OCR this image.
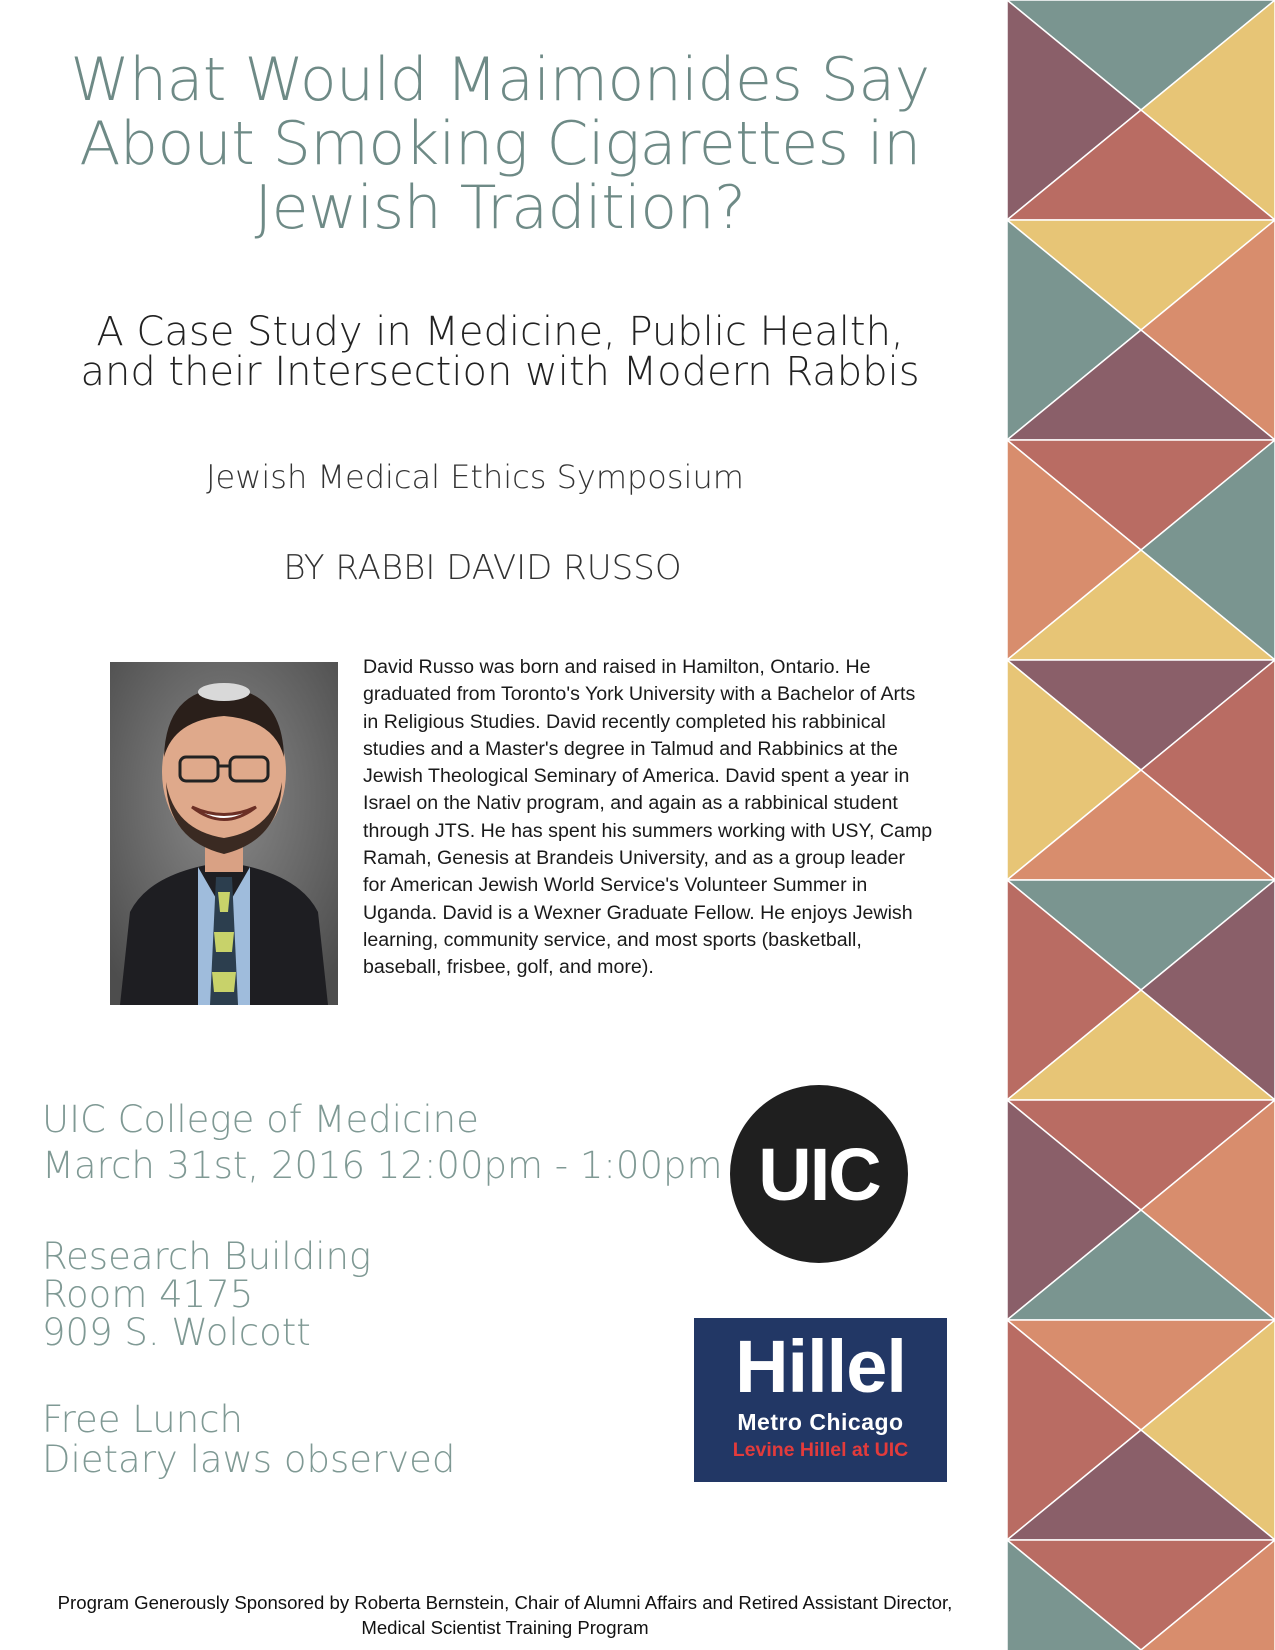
What Would Maimonides Say
About Smoking Cigarettes in
Jewish Tradition?
A Case Study in Medicine, Public Health,
and their Intersection with Modern Rabbis

Jewish Medical Ethics Symposium

BY RABBI DAVID RUSSO

David Russo was born and raised in Hamilton, Ontario. He graduated from Toronto's York University with a Bachelor of Arts in Religious Studies. David recently completed his rabbinical studies and a Master's degree in Talmud and Rabbinics at the Jewish Theological Seminary of America. David spent a year in Israel on the Nativ program, and again as a rabbinical student through JTS. He has spent his summers working with USY, Camp Ramah, Genesis at Brandeis University, and as a group leader for American Jewish World Service's Volunteer Summer in Uganda. David is a Wexner Graduate Fellow. He enjoys Jewish learning, community service, and most sports (basketball, baseball, frisbee, golf, and more).

UIC College of Medicine

March 31st, 2016 12:00pm - 1:00pm

Research Building

Room 4175

909 S. Wolcott

Free Lunch

Dietary laws observed

UIC
Hillel
Metro Chicago
Levine Hillel at UIC

Program Generously Sponsored by Roberta Bernstein, Chair of Alumni Affairs and Retired Assistant Director,
Medical Scientist Training Program
